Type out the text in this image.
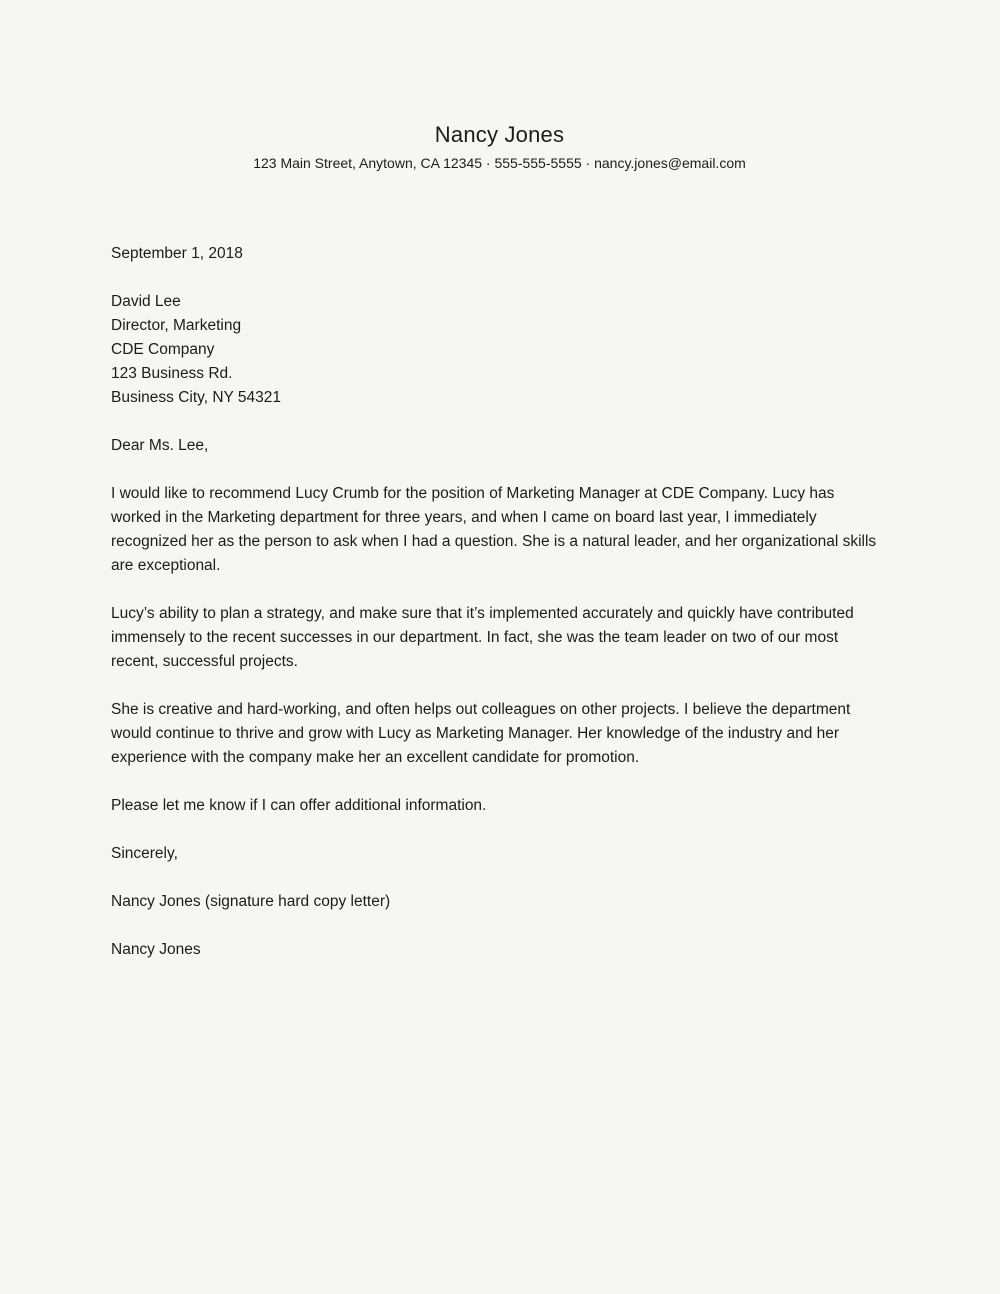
Nancy Jones

123 Main Street, Anytown, CA 12345 · 555-555-5555 · nancy.jones@email.com

September 1, 2018
David Lee
Director, Marketing
CDE Company
123 Business Rd.
Business City, NY 54321
Dear Ms. Lee,

I would like to recommend Lucy Crumb for the position of Marketing Manager at CDE Company. Lucy has worked in the Marketing department for three years, and when I came on board last year, I immediately recognized her as the person to ask when I had a question. She is a natural leader, and her organizational skills are exceptional.

Lucy’s ability to plan a strategy, and make sure that it’s implemented accurately and quickly have contributed immensely to the recent successes in our department. In fact, she was the team leader on two of our most recent, successful projects.

She is creative and hard-working, and often helps out colleagues on other projects. I believe the department would continue to thrive and grow with Lucy as Marketing Manager. Her knowledge of the industry and her experience with the company make her an excellent candidate for promotion.

Please let me know if I can offer additional information.

Sincerely,
Nancy Jones (signature hard copy letter)
Nancy Jones
